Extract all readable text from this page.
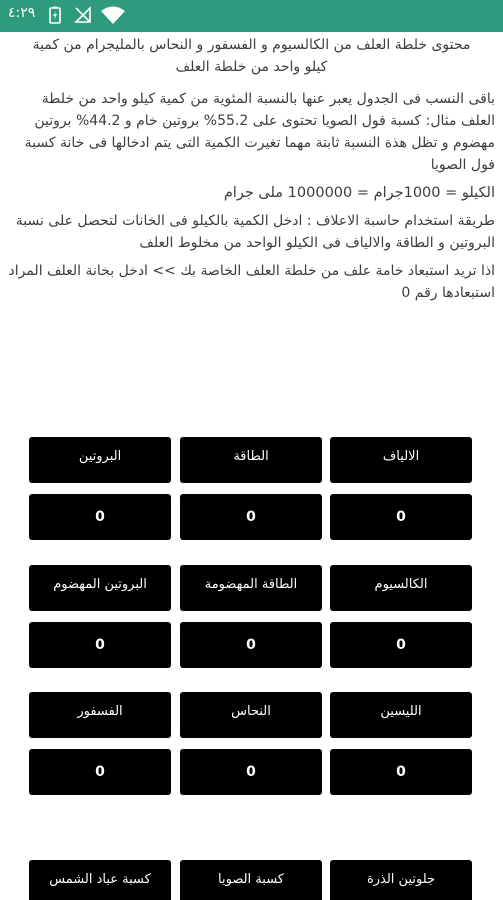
٤:٢٩

محتوى خلطة العلف من الكالسيوم و الفسفور و النحاس بالمليجرام من كمية كيلو واحد من خلطة العلف

باقى النسب فى الجدول يعبر عنها بالنسبة المئوية من كمية كيلو واحد من خلطة العلف مثال: كسبة فول الصويا تحتوى على 55.2% بروتين خام و 44.2% بروتين مهضوم و تظل هذة النسبة ثابتة مهما تغيرت الكمية التى يتم ادخالها فى خانة كسبة فول الصويا

الكيلو = 1000جرام = 1000000 ملى جرام

طريقة استخدام حاسبة الاعلاف : ادخل الكمية بالكيلو فى الخانات لتحصل على نسبة البروتين و الطاقة والالياف فى الكيلو الواحد من مخلوط العلف

اذا تريد استبعاد خامة علف من خلطة العلف الخاصة بك >> ادخل بخانة العلف المراد استبعادها رقم 0

الالياف
الطاقة
البروتين
0
0
0
الكالسيوم
الطاقة المهضومة
البروتين المهضوم
0
0
0
الليسين
النحاس
الفسفور
0
0
0
جلوتين الذرة
كسبة الصويا
كسبة عباد الشمس
